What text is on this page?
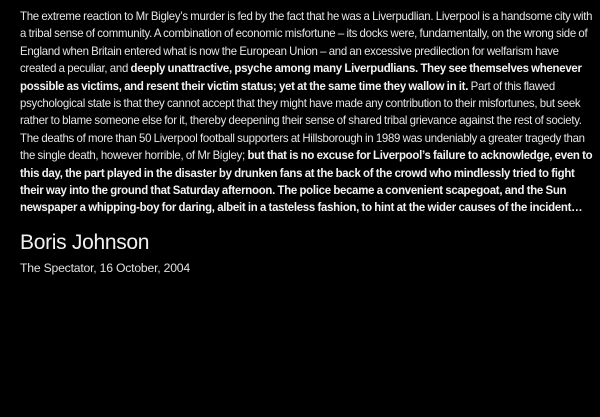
The extreme reaction to Mr Bigley’s murder is fed by the fact that he was a Liverpudlian. Liverpool is a handsome city with a tribal sense of community. A combination of economic misfortune – its docks were, fundamentally, on the wrong side of England when Britain entered what is now the European Union – and an excessive predilection for welfarism have created a peculiar, and deeply unattractive, psyche among many Liverpudlians. They see themselves whenever possible as victims, and resent their victim status; yet at the same time they wallow in it. Part of this flawed psychological state is that they cannot accept that they might have made any contribution to their misfortunes, but seek rather to blame someone else for it, thereby deepening their sense of shared tribal grievance against the rest of society. The deaths of more than 50 Liverpool football supporters at Hillsborough in 1989 was undeniably a greater tragedy than the single death, however horrible, of Mr Bigley; but that is no excuse for Liverpool’s failure to acknowledge, even to this day, the part played in the disaster by drunken fans at the back of the crowd who mindlessly tried to fight their way into the ground that Saturday afternoon. The police became a convenient scapegoat, and the Sun newspaper a whipping-boy for daring, albeit in a tasteless fashion, to hint at the wider causes of the incident…

Boris Johnson

The Spectator, 16 October, 2004
